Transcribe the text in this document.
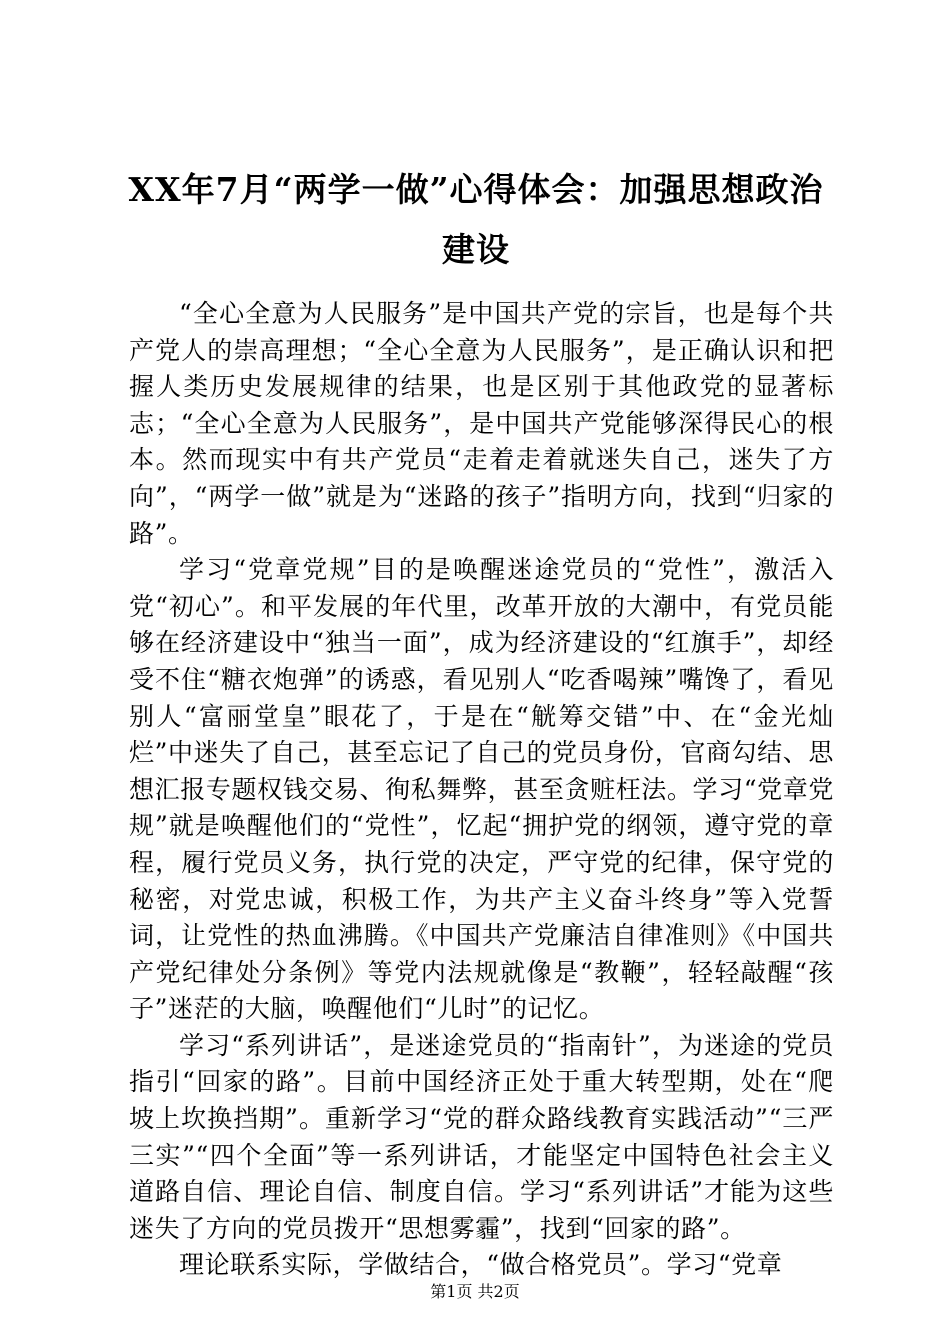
XX年7月“两学一做”心得体会：加强思想政治建设

“全心全意为人民服务”是中国共产党的宗旨，也是每个共产党人的崇高理想；“全心全意为人民服务”，是正确认识和把握人类历史发展规律的结果，也是区别于其他政党的显著标志；“全心全意为人民服务”，是中国共产党能够深得民心的根本。然而现实中有共产党员“走着走着就迷失自己，迷失了方向”，“两学一做”就是为“迷路的孩子”指明方向，找到“归家的路”。

学习“党章党规”目的是唤醒迷途党员的“党性”，激活入党“初心”。和平发展的年代里，改革开放的大潮中，有党员能够在经济建设中“独当一面”，成为经济建设的“红旗手”，却经受不住“糖衣炮弹”的诱惑，看见别人“吃香喝辣”嘴馋了，看见别人“富丽堂皇”眼花了，于是在“觥筹交错”中、在“金光灿烂”中迷失了自己，甚至忘记了自己的党员身份，官商勾结、思想汇报专题权钱交易、徇私舞弊，甚至贪赃枉法。学习“党章党规”就是唤醒他们的“党性”，忆起“拥护党的纲领，遵守党的章程，履行党员义务，执行党的决定，严守党的纪律，保守党的秘密，对党忠诚，积极工作，为共产主义奋斗终身”等入党誓词，让党性的热血沸腾。《中国共产党廉洁自律准则》《中国共产党纪律处分条例》等党内法规就像是“教鞭”，轻轻敲醒“孩子”迷茫的大脑，唤醒他们“儿时”的记忆。

学习“系列讲话”，是迷途党员的“指南针”，为迷途的党员指引“回家的路”。目前中国经济正处于重大转型期，处在“爬坡上坎换挡期”。重新学习“党的群众路线教育实践活动”“三严三实”“四个全面”等一系列讲话，才能坚定中国特色社会主义道路自信、理论自信、制度自信。学习“系列讲话”才能为这些迷失了方向的党员拨开“思想雾霾”，找到“回家的路”。

理论联系实际，学做结合，“做合格党员”。学习“党章

第1页 共2页
